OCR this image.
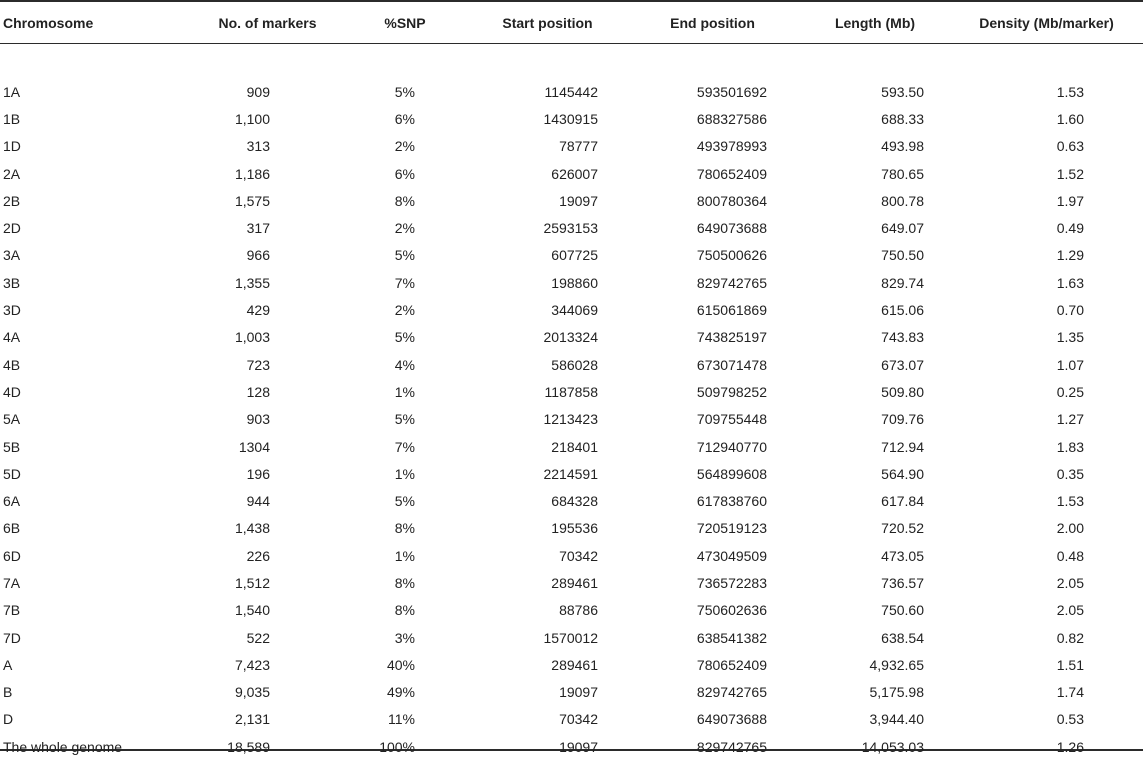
Chromosome	No. of markers	%SNP	Start position	End position	Length (Mb)	Density (Mb/marker)

1A	909	5%	1145442	593501692	593.50	1.53
1B	1,100	6%	1430915	688327586	688.33	1.60
1D	313	2%	78777	493978993	493.98	0.63
2A	1,186	6%	626007	780652409	780.65	1.52
2B	1,575	8%	19097	800780364	800.78	1.97
2D	317	2%	2593153	649073688	649.07	0.49
3A	966	5%	607725	750500626	750.50	1.29
3B	1,355	7%	198860	829742765	829.74	1.63
3D	429	2%	344069	615061869	615.06	0.70
4A	1,003	5%	2013324	743825197	743.83	1.35
4B	723	4%	586028	673071478	673.07	1.07
4D	128	1%	1187858	509798252	509.80	0.25
5A	903	5%	1213423	709755448	709.76	1.27
5B	1304	7%	218401	712940770	712.94	1.83
5D	196	1%	2214591	564899608	564.90	0.35
6A	944	5%	684328	617838760	617.84	1.53
6B	1,438	8%	195536	720519123	720.52	2.00
6D	226	1%	70342	473049509	473.05	0.48
7A	1,512	8%	289461	736572283	736.57	2.05
7B	1,540	8%	88786	750602636	750.60	2.05
7D	522	3%	1570012	638541382	638.54	0.82
A	7,423	40%	289461	780652409	4,932.65	1.51
B	9,035	49%	19097	829742765	5,175.98	1.74
D	2,131	11%	70342	649073688	3,944.40	0.53
The whole genome	18,589	100%	19097	829742765	14,053.03	1.26
